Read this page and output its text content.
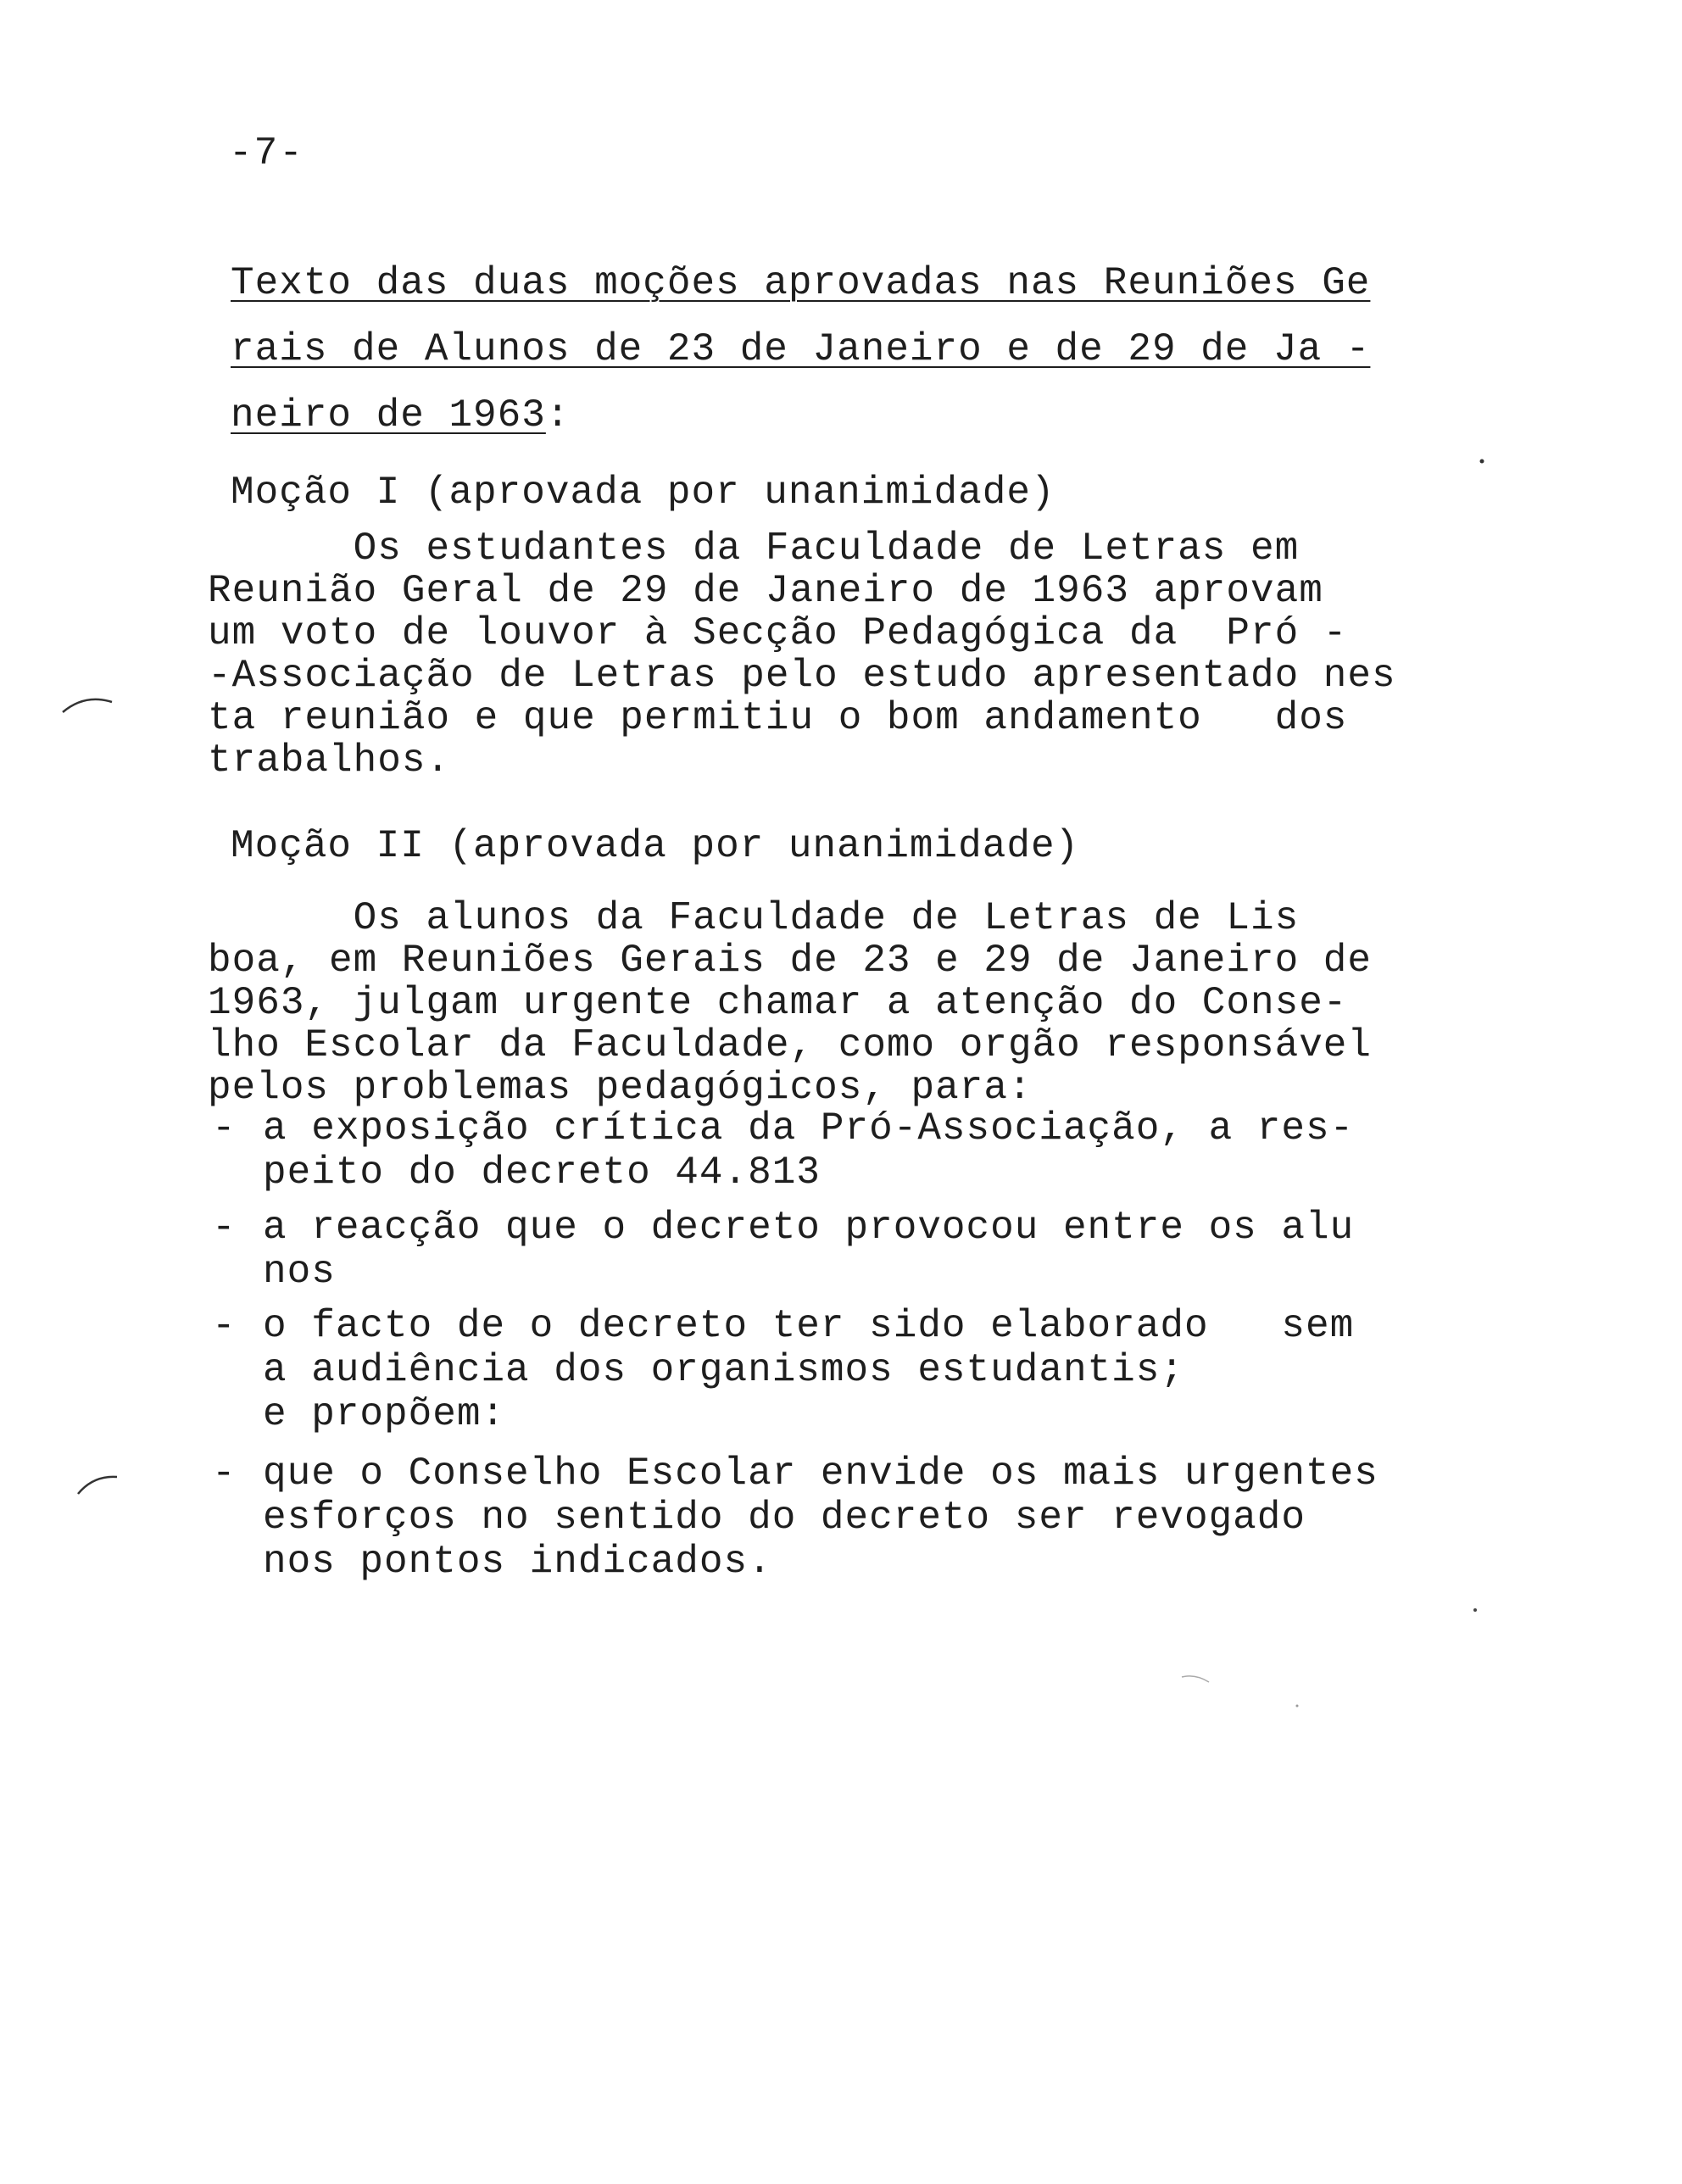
-7-
Texto das duas moções aprovadas nas Reuniões Ge
rais de Alunos de 23 de Janeiro e de 29 de Ja -
neiro de 1963:
Moção I (aprovada por unanimidade)
Os estudantes da Faculdade de Letras em
Reunião Geral de 29 de Janeiro de 1963 aprovam
um voto de louvor à Secção Pedagógica da  Pró -
-Associação de Letras pelo estudo apresentado nes
ta reunião e que permitiu o bom andamento   dos
trabalhos.
Moção II (aprovada por unanimidade)
Os alunos da Faculdade de Letras de Lis
boa, em Reuniões Gerais de 23 e 29 de Janeiro de
1963, julgam urgente chamar a atenção do Conse-
lho Escolar da Faculdade, como orgão responsável
pelos problemas pedagógicos, para:
- a exposição crítica da Pró-Associação, a res-
peito do decreto 44.813
- a reacção que o decreto provocou entre os alu
nos
- o facto de o decreto ter sido elaborado   sem
a audiência dos organismos estudantis;
e propõem:
- que o Conselho Escolar envide os mais urgentes
esforços no sentido do decreto ser revogado
nos pontos indicados.
